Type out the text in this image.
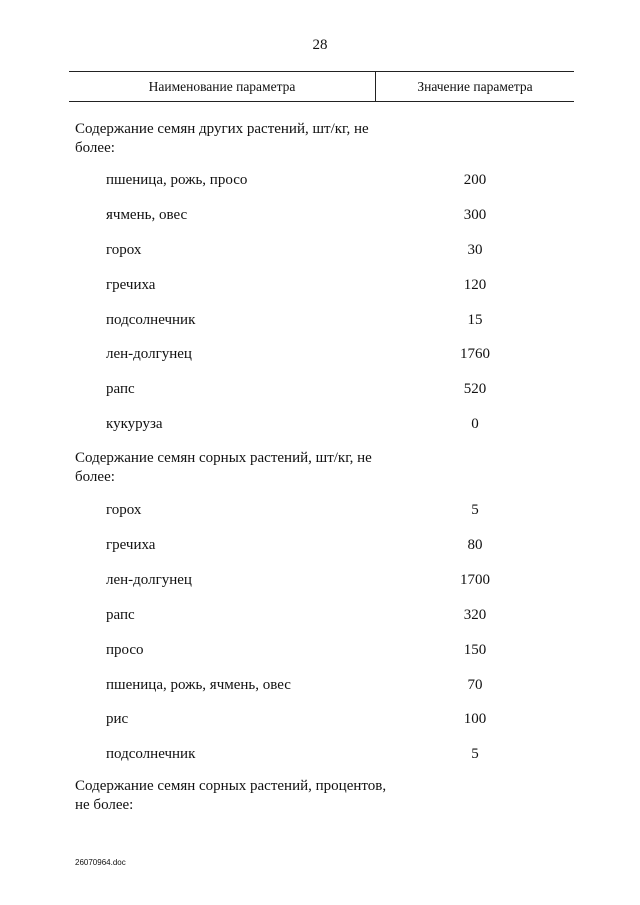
28
Наименование параметра	Значение параметра
Содержание семян других растений, шт/кг, не более:
пшеница, рожь, просо	200
ячмень, овес	300
горох	30
гречиха	120
подсолнечник	15
лен-долгунец	1760
рапс	520
кукуруза	0
Содержание семян сорных растений, шт/кг, не более:
горох	5
гречиха	80
лен-долгунец	1700
рапс	320
просо	150
пшеница, рожь, ячмень, овес	70
рис	100
подсолнечник	5
Содержание семян сорных растений, процентов, не более:
26070964.doc
